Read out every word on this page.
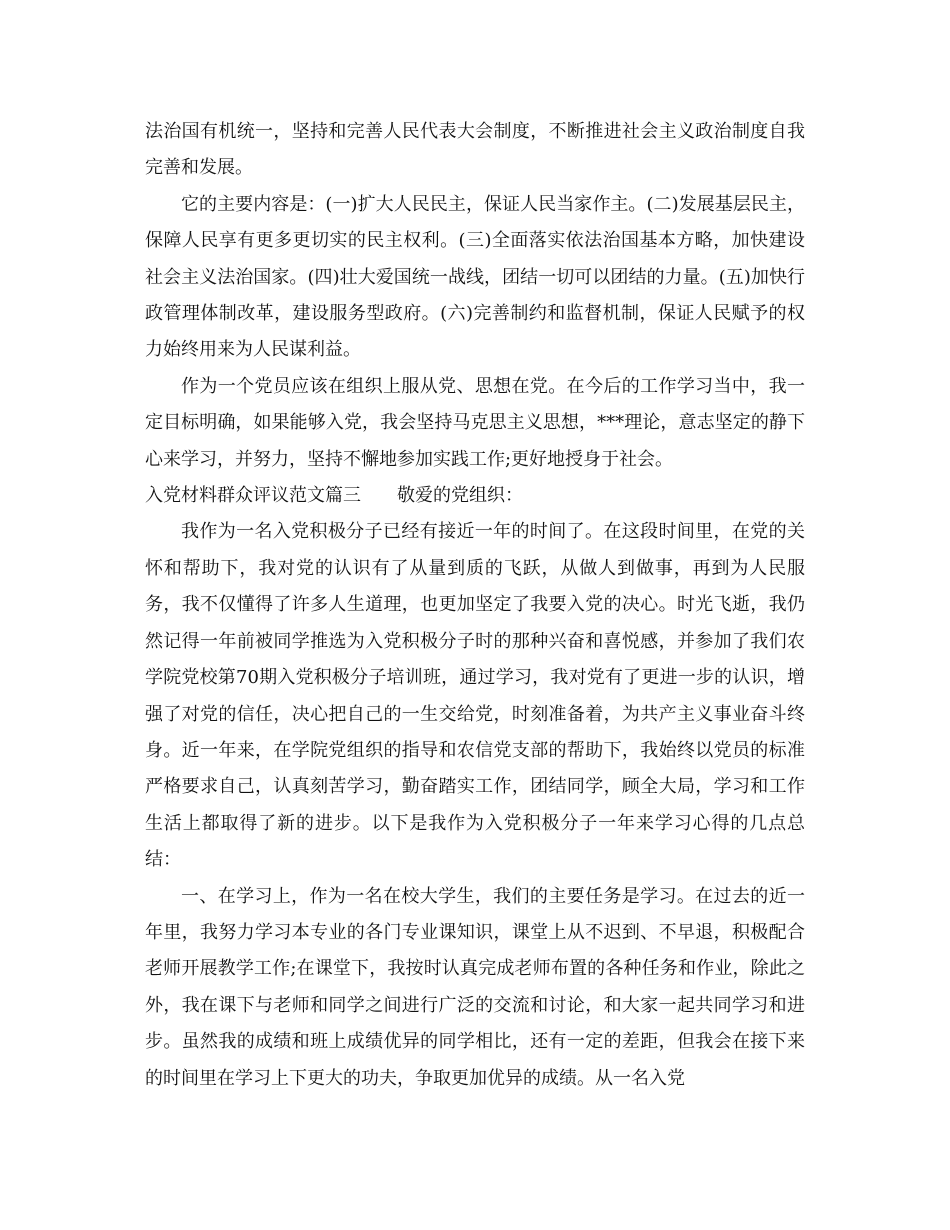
法治国有机统一，坚持和完善人民代表大会制度，不断推进社会主义政治制度自我完善和发展。

它的主要内容是：(一)扩大人民民主，保证人民当家作主。(二)发展基层民主，保障人民享有更多更切实的民主权利。(三)全面落实依法治国基本方略，加快建设社会主义法治国家。(四)壮大爱国统一战线，团结一切可以团结的力量。(五)加快行政管理体制改革，建设服务型政府。(六)完善制约和监督机制，保证人民赋予的权力始终用来为人民谋利益。

作为一个党员应该在组织上服从党、思想在党。在今后的工作学习当中，我一定目标明确，如果能够入党，我会坚持马克思主义思想，***理论，意志坚定的静下心来学习，并努力，坚持不懈地参加实践工作;更好地授身于社会。

入党材料群众评议范文篇三　　敬爱的党组织：

我作为一名入党积极分子已经有接近一年的时间了。在这段时间里，在党的关怀和帮助下，我对党的认识有了从量到质的飞跃，从做人到做事，再到为人民服务，我不仅懂得了许多人生道理，也更加坚定了我要入党的决心。时光飞逝，我仍然记得一年前被同学推选为入党积极分子时的那种兴奋和喜悦感，并参加了我们农学院党校第70期入党积极分子培训班，通过学习，我对党有了更进一步的认识，增强了对党的信任，决心把自己的一生交给党，时刻准备着，为共产主义事业奋斗终身。近一年来，在学院党组织的指导和农信党支部的帮助下，我始终以党员的标准严格要求自己，认真刻苦学习，勤奋踏实工作，团结同学，顾全大局，学习和工作生活上都取得了新的进步。以下是我作为入党积极分子一年来学习心得的几点总结：

一、在学习上，作为一名在校大学生，我们的主要任务是学习。在过去的近一年里，我努力学习本专业的各门专业课知识，课堂上从不迟到、不早退，积极配合老师开展教学工作;在课堂下，我按时认真完成老师布置的各种任务和作业，除此之外，我在课下与老师和同学之间进行广泛的交流和讨论，和大家一起共同学习和进步。虽然我的成绩和班上成绩优异的同学相比，还有一定的差距，但我会在接下来的时间里在学习上下更大的功夫，争取更加优异的成绩。从一名入党
